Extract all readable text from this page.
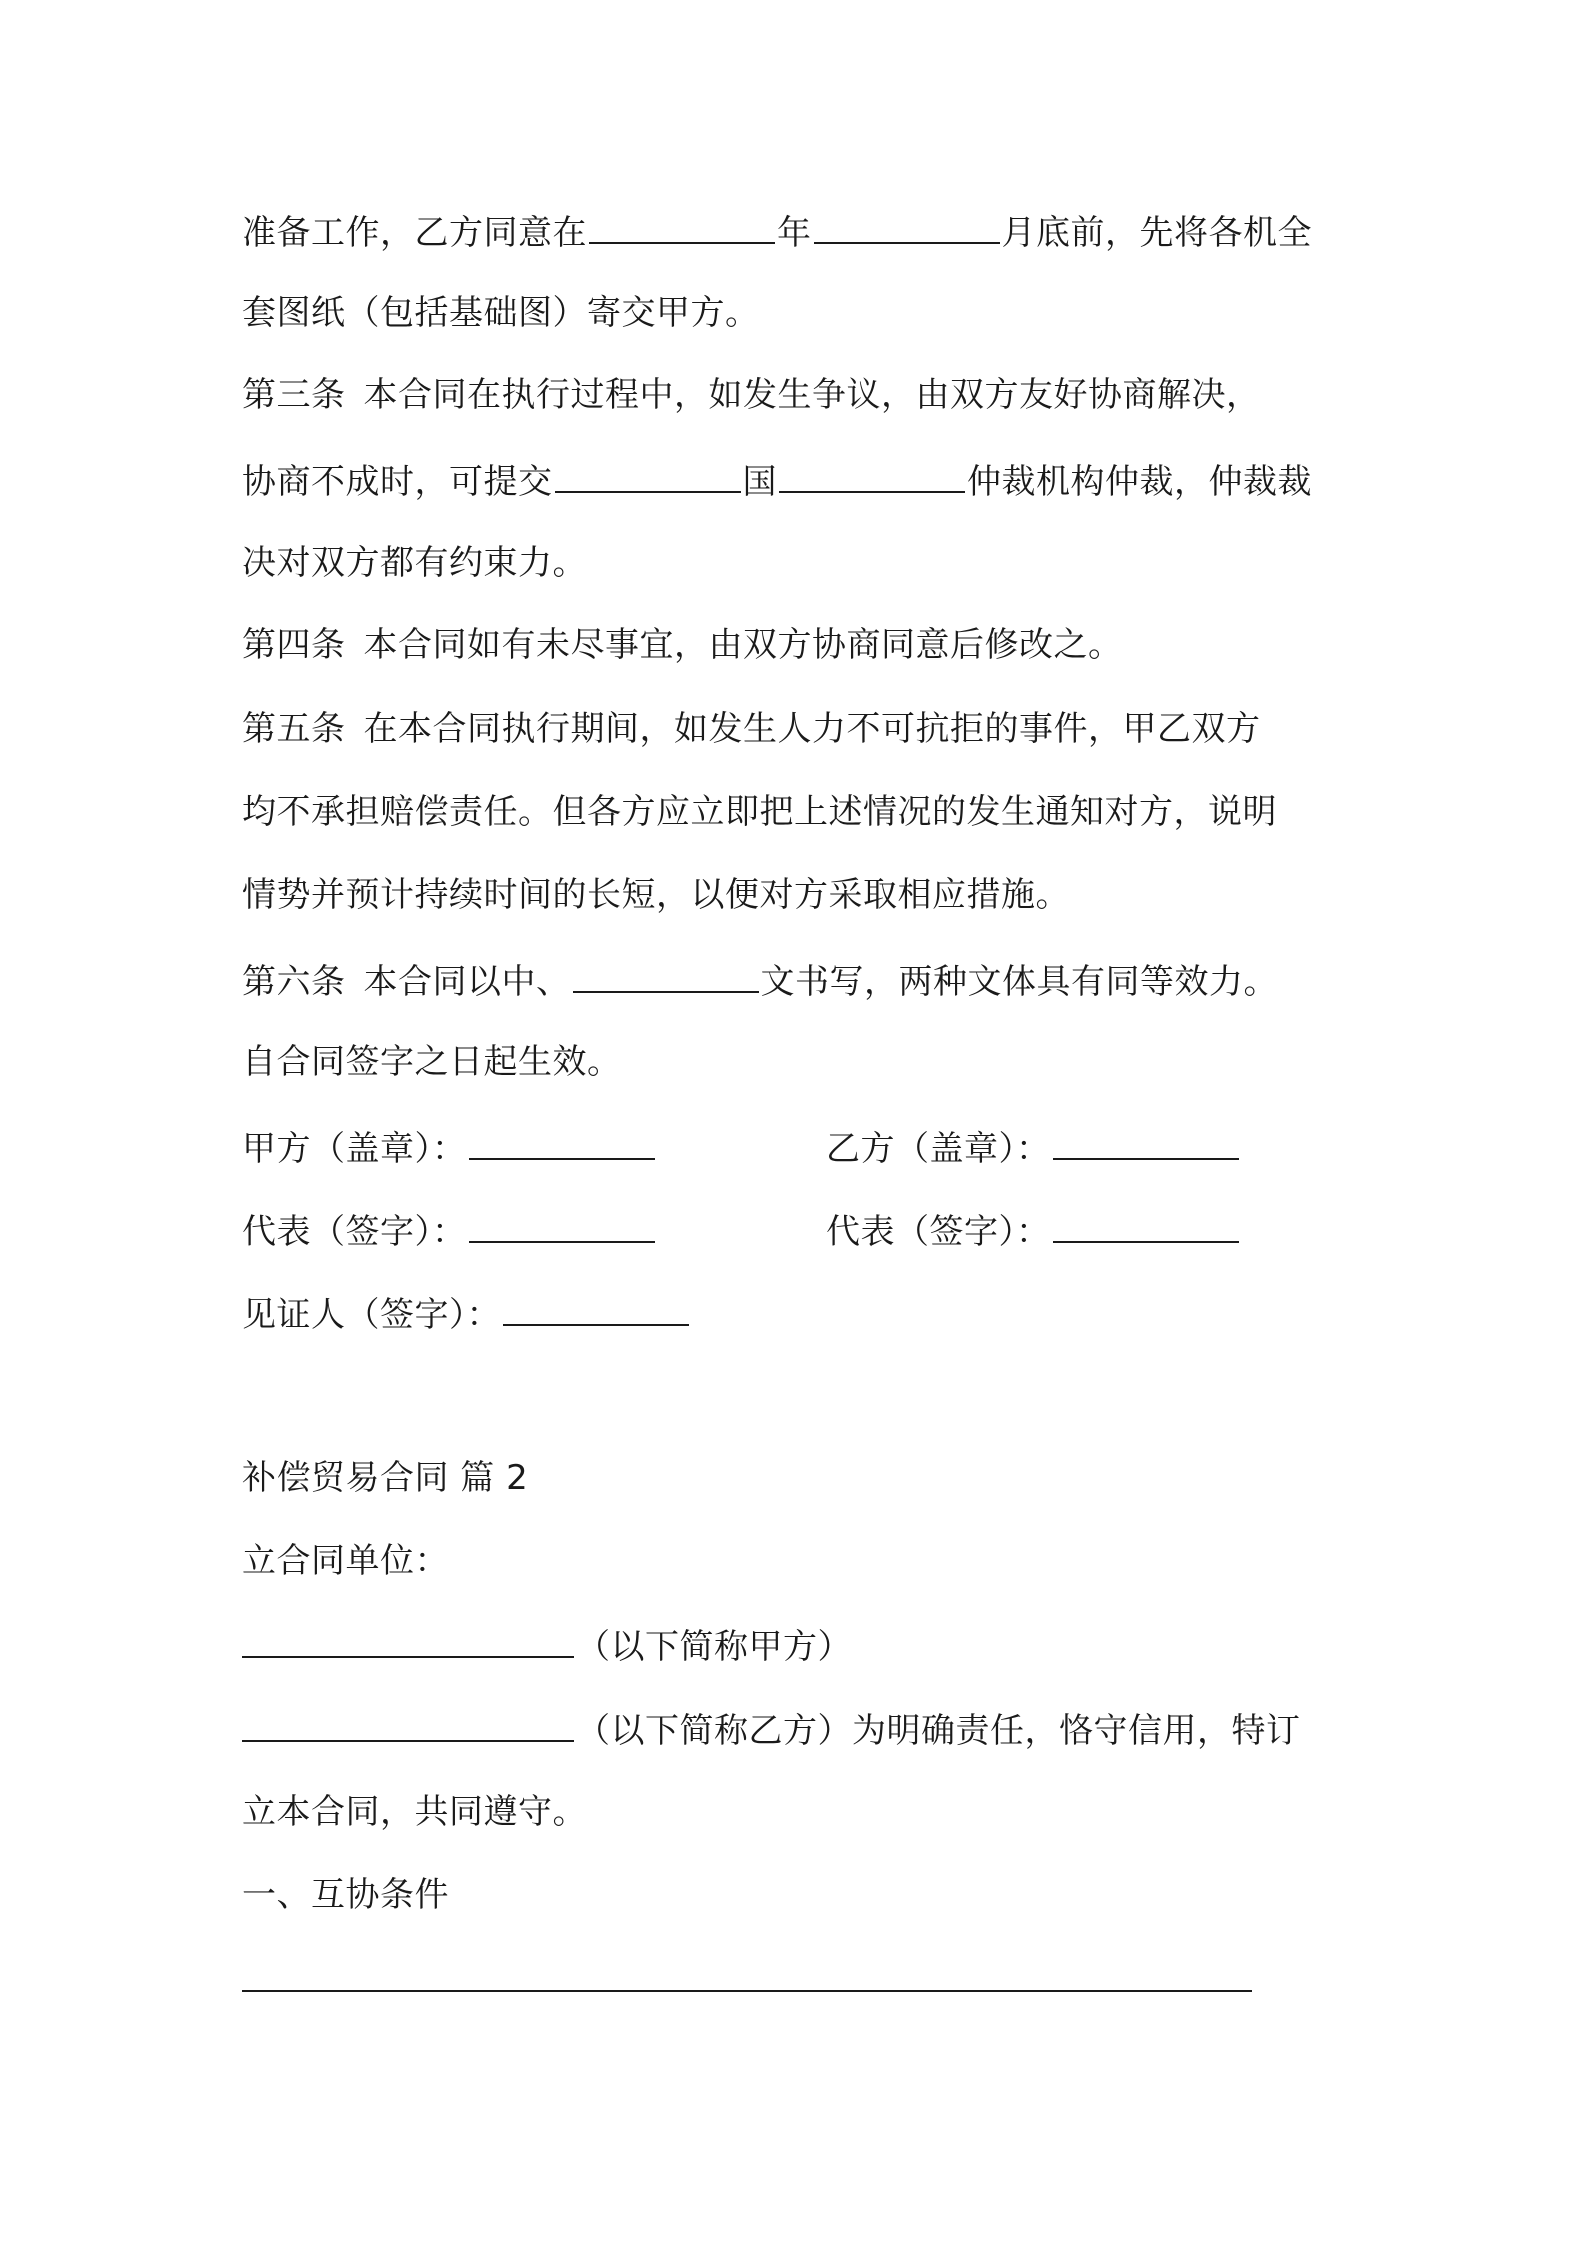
准备工作，乙方同意在	年	月底前，先将各机全
套图纸（包括基础图）寄交甲方。
第三条 本合同在执行过程中，如发生争议，由双方友好协商解决，
协商不成时，可提交	国	仲裁机构仲裁，仲裁裁
决对双方都有约束力。
第四条 本合同如有未尽事宜，由双方协商同意后修改之。
第五条 在本合同执行期间，如发生人力不可抗拒的事件，甲乙双方
均不承担赔偿责任。但各方应立即把上述情况的发生通知对方，说明
情势并预计持续时间的长短，以便对方采取相应措施。
第六条 本合同以中、	文书写，两种文体具有同等效力。
自合同签字之日起生效。
甲方（盖章）：	乙方（盖章）：
代表（签字）：	代表（签字）：
见证人（签字）：
补偿贸易合同 篇 2
立合同单位：
（以下简称甲方）
（以下简称乙方）为明确责任，恪守信用，特订
立本合同，共同遵守。
一、互协条件
